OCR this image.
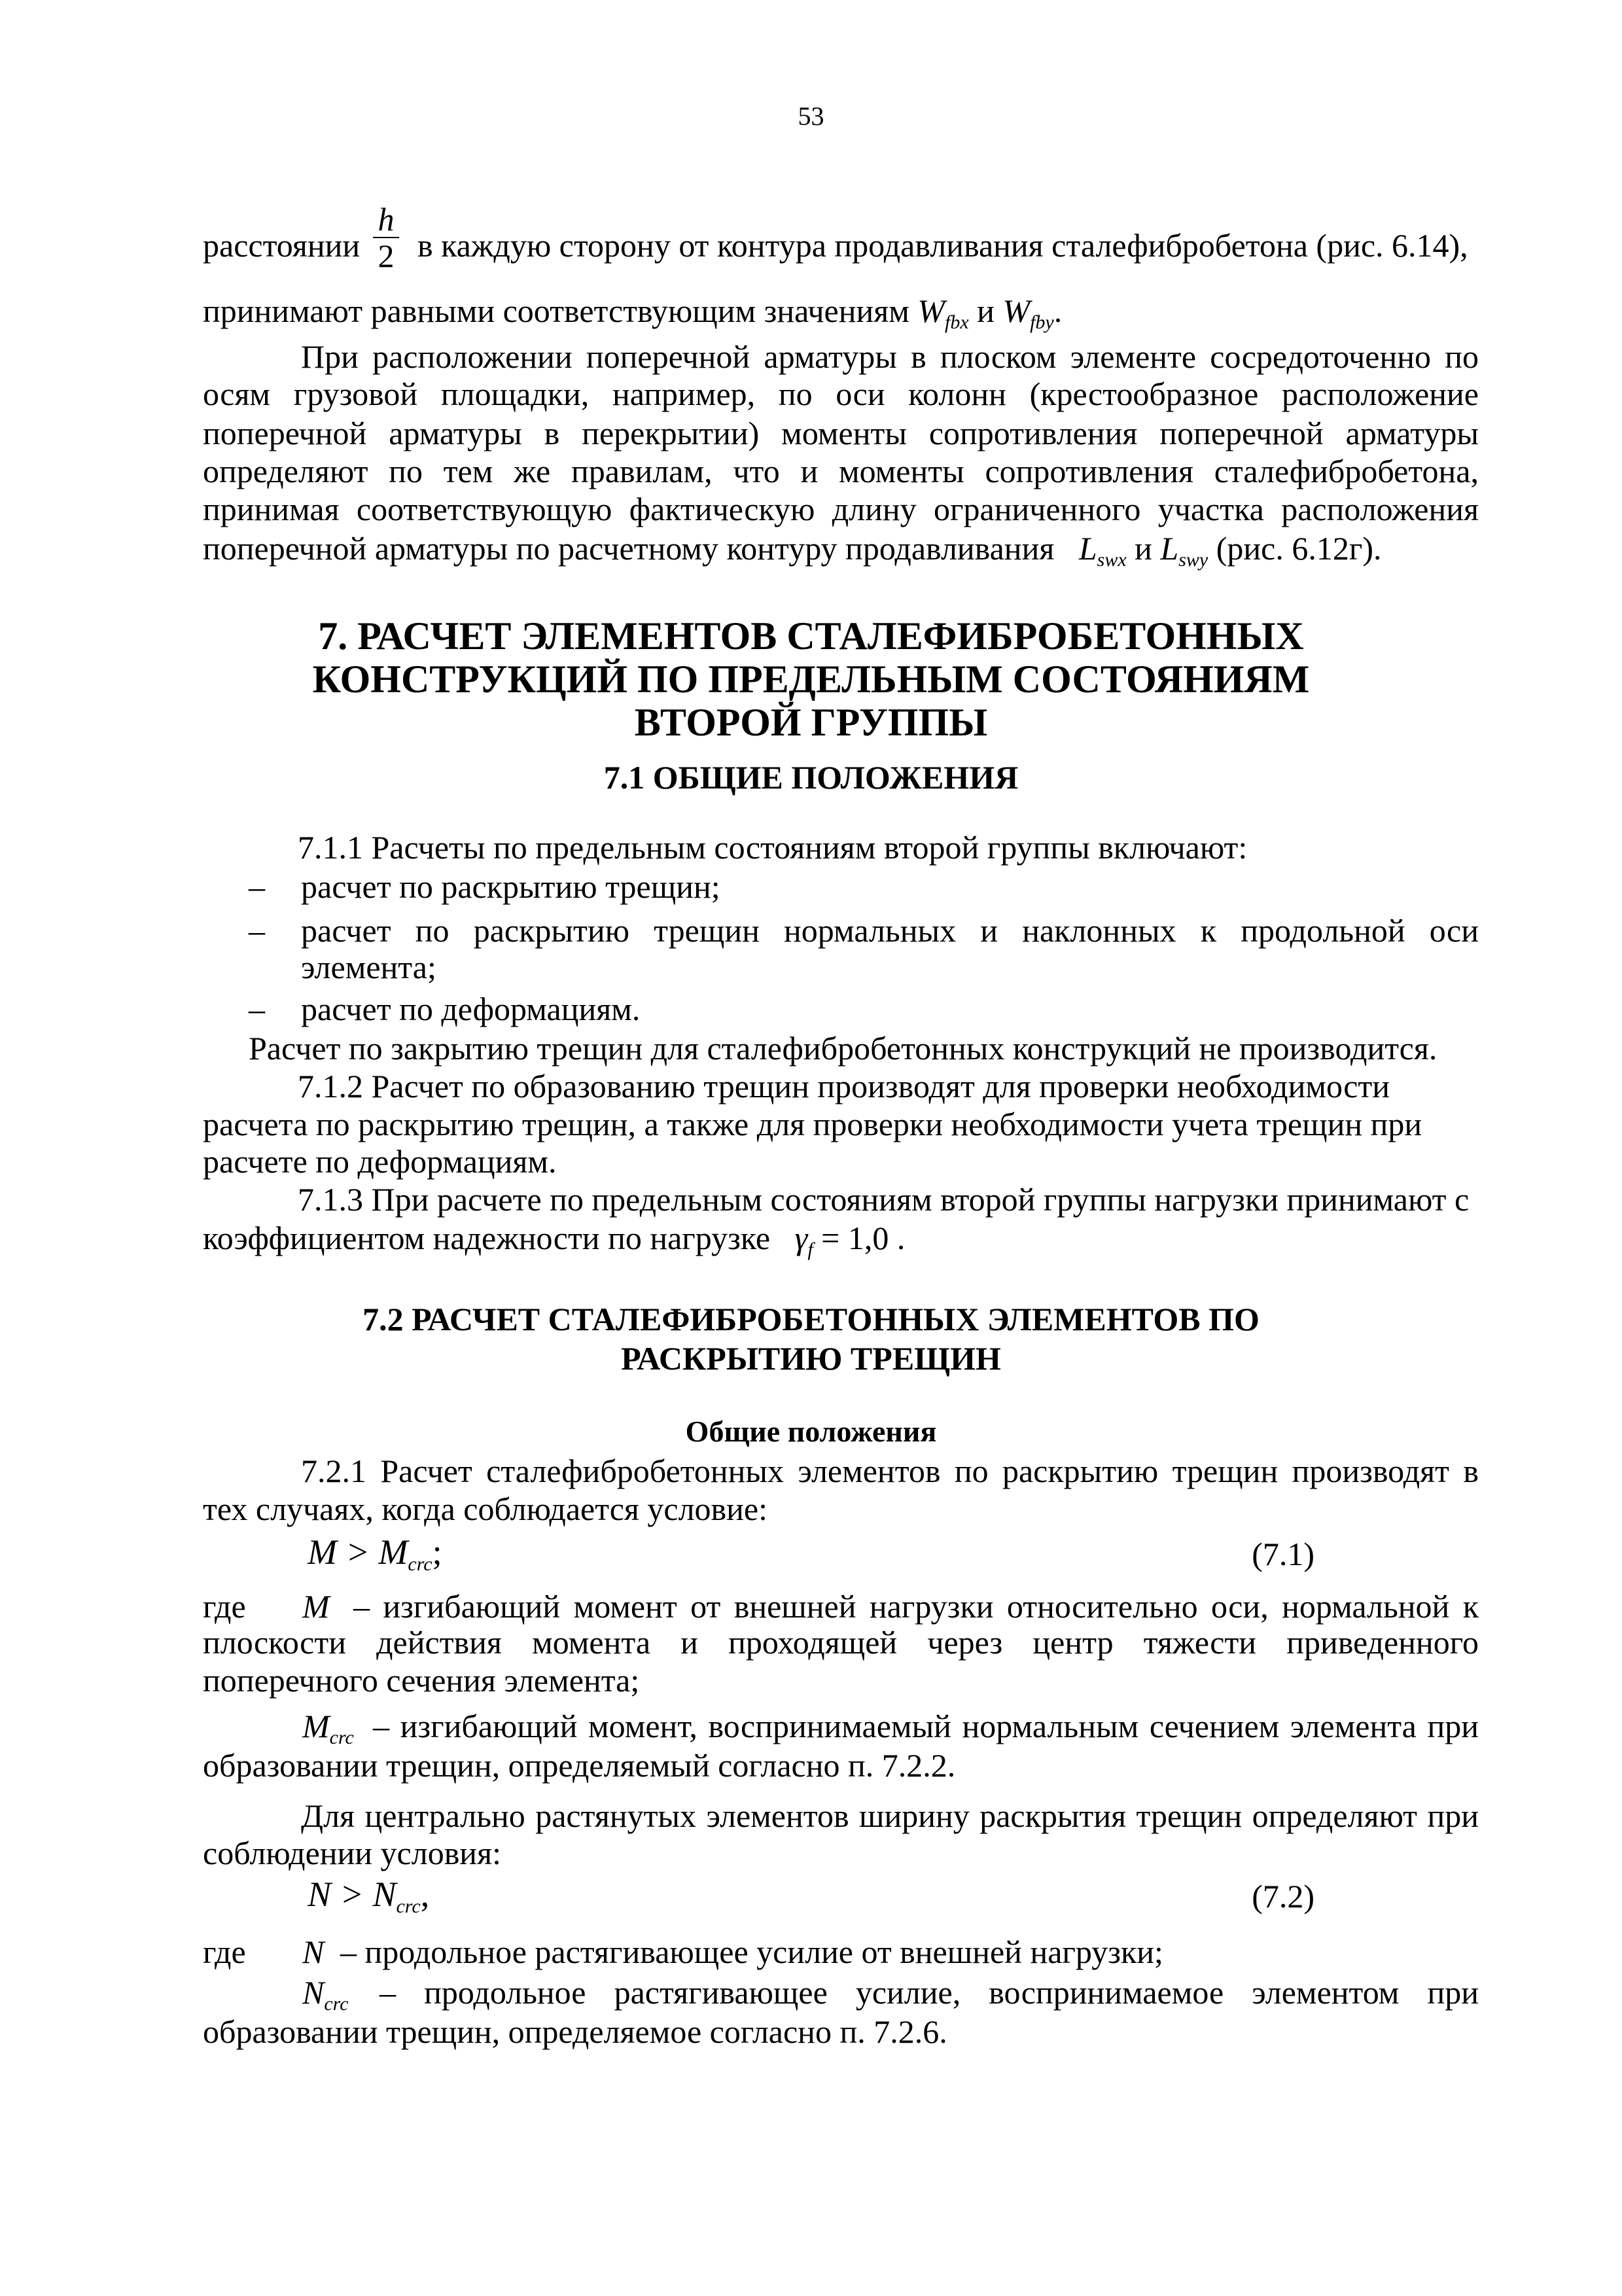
53
расстоянии
h
2 в каждую сторону от контура продавливания сталефибробетона (рис. 6.14),
принимают равными соответствующим значениям $W_{fbx}$ и $W_{fby}$.
При расположении поперечной арматуры в плоском элементе сосредоточенно по
осям грузовой площадки, например, по оси колонн (крестообразное расположение
поперечной арматуры в перекрытии) моменты сопротивления поперечной арматуры
определяют по тем же правилам, что и моменты сопротивления сталефибробетона,
принимая соответствующую фактическую длину ограниченного участка расположения
поперечной арматуры по расчетному контуру продавливания $L_{swx}$ и $L_{swy}$ (рис. 6.12г).
7. РАСЧЕТ ЭЛЕМЕНТОВ СТАЛЕФИБРОБЕТОННЫХ
КОНСТРУКЦИЙ ПО ПРЕДЕЛЬНЫМ СОСТОЯНИЯМ
ВТОРОЙ ГРУППЫ
7.1 ОБЩИЕ ПОЛОЖЕНИЯ
7.1.1 Расчеты по предельным состояниям второй группы включают:
– расчет по раскрытию трещин;
– расчет по раскрытию трещин нормальных и наклонных к продольной оси
элемента;
– расчет по деформациям.
Расчет по закрытию трещин для сталефибробетонных конструкций не производится.
7.1.2 Расчет по образованию трещин производят для проверки необходимости
расчета по раскрытию трещин, а также для проверки необходимости учета трещин при
расчете по деформациям.
7.1.3 При расчете по предельным состояниям второй группы нагрузки принимают с
коэффициентом надежности по нагрузке $\gamma_f = 1,0$ .
7.2 РАСЧЕТ СТАЛЕФИБРОБЕТОННЫХ ЭЛЕМЕНТОВ ПО
РАСКРЫТИЮ ТРЕЩИН
Общие положения
7.2.1 Расчет сталефибробетонных элементов по раскрытию трещин производят в
тех случаях, когда соблюдается условие:
$M > M_{crc}$;	(7.1)
где M – изгибающий момент от внешней нагрузки относительно оси, нормальной к
плоскости действия момента и проходящей через центр тяжести приведенного
поперечного сечения элемента;
$M_{crc}$ – изгибающий момент, воспринимаемый нормальным сечением элемента при
образовании трещин, определяемый согласно п. 7.2.2.
Для центрально растянутых элементов ширину раскрытия трещин определяют при
соблюдении условия:
$N > N_{crc}$,	(7.2)
где N – продольное растягивающее усилие от внешней нагрузки;
$N_{crc}$ – продольное растягивающее усилие, воспринимаемое элементом при
образовании трещин, определяемое согласно п. 7.2.6.
